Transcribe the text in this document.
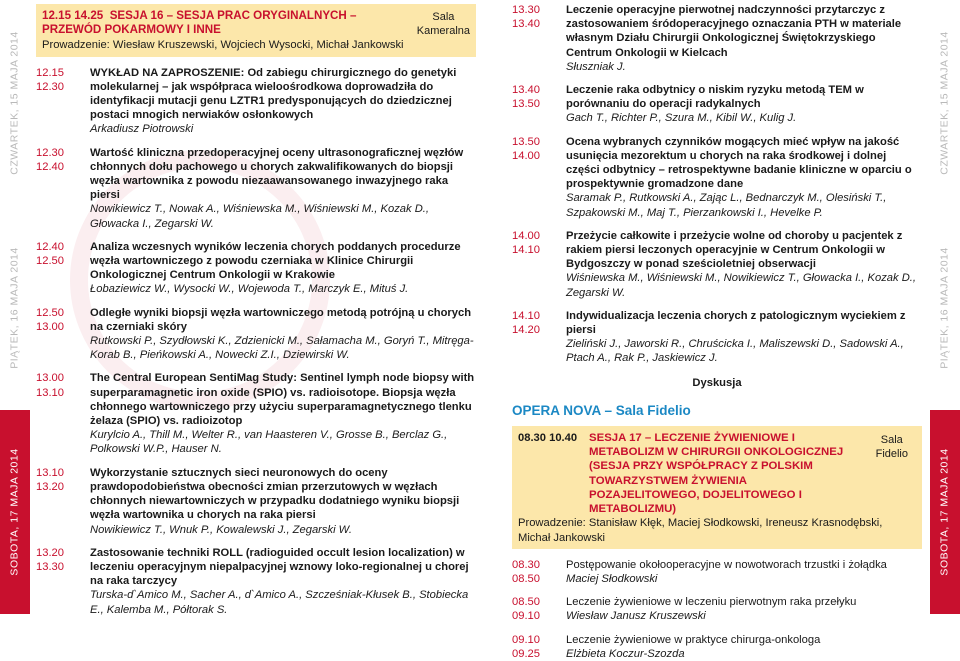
CZWARTEK, 15 MAJA 2014
PIĄTEK, 16 MAJA 2014
SOBOTA, 17 MAJA 2014
CZWARTEK, 15 MAJA 2014
PIĄTEK, 16 MAJA 2014
SOBOTA, 17 MAJA 2014
12.15 14.25 SESJA 16 – SESJA PRAC ORYGINALNYCH – PRZEWÓD POKARMOWY I INNE
Prowadzenie: Wiesław Kruszewski, Wojciech Wysocki, Michał Jankowski
Sala
Kameralna
12.15 12.30
WYKŁAD NA ZAPROSZENIE: Od zabiegu chirurgicznego do genetyki molekularnej – jak współpraca wieloośrodkowa doprowadziła do identyfikacji mutacji genu LZTR1 predysponujących do dziedzicznej postaci mnogich nerwiaków osłonkowych
Arkadiusz Piotrowski
12.30 12.40
Wartość kliniczna przedoperacyjnej oceny ultrasonograficznej węzłów chłonnych dołu pachowego u chorych zakwalifikowanych do biopsji węzła wartownika z powodu niezaawansowanego inwazyjnego raka piersi
Nowikiewicz T., Nowak A., Wiśniewska M., Wiśniewski M., Kozak D., Głowacka I., Zegarski W.
12.40 12.50
Analiza wczesnych wyników leczenia chorych poddanych procedurze węzła wartowniczego z powodu czerniaka w Klinice Chirurgii Onkologicznej Centrum Onkologii w Krakowie
Łobaziewicz W., Wysocki W., Wojewoda T., Marczyk E., Mituś J.
12.50 13.00
Odległe wyniki biopsji węzła wartowniczego metodą potrójną u chorych na czerniaki skóry
Rutkowski P., Szydłowski K., Zdzienicki M., Sałamacha M., Goryń T., Mitręga-Korab B., Pieńkowski A., Nowecki Z.I., Dziewirski W.
13.00 13.10
The Central European SentiMag Study: Sentinel lymph node biopsy with superparamagnetic iron oxide (SPIO) vs. radioisotope. Biopsja węzła chłonnego wartowniczego przy użyciu superparamagnetycznego tlenku żelaza (SPIO) vs. radioizotop
Kurylcio A., Thill M., Welter R., van Haasteren V., Grosse B., Berclaz G., Polkowski W.P., Hauser N.
13.10 13.20
Wykorzystanie sztucznych sieci neuronowych do oceny prawdopodobieństwa obecności zmian przerzutowych w węzłach chłonnych niewartowniczych w przypadku dodatniego wyniku biopsji węzła wartownika u chorych na raka piersi
Nowikiewicz T., Wnuk P., Kowalewski J., Zegarski W.
13.20 13.30
Zastosowanie techniki ROLL (radioguided occult lesion localization) w leczeniu operacyjnym niepalpacyjnej wznowy loko-regionalnej u chorej na raka tarczycy
Turska-d`Amico M., Sacher A., d`Amico A., Szcześniak-Kłusek B., Stobiecka E., Kalemba M., Półtorak S.
13.30 13.40
Leczenie operacyjne pierwotnej nadczynności przytarczyc z zastosowaniem śródoperacyjnego oznaczania PTH w materiale własnym Działu Chirurgii Onkologicznej Świętokrzyskiego Centrum Onkologii w Kielcach
Słuszniak J.
13.40 13.50
Leczenie raka odbytnicy o niskim ryzyku metodą TEM w porównaniu do operacji radykalnych
Gach T., Richter P., Szura M., Kibil W., Kulig J.
13.50 14.00
Ocena wybranych czynników mogących mieć wpływ na jakość usunięcia mezorektum u chorych na raka środkowej i dolnej części odbytnicy – retrospektywne badanie kliniczne w oparciu o prospektywnie gromadzone dane
Saramak P., Rutkowski A., Zając L., Bednarczyk M., Olesiński T., Szpakowski M., Maj T., Pierzankowski I., Hevelke P.
14.00 14.10
Przeżycie całkowite i przeżycie wolne od choroby u pacjentek z rakiem piersi leczonych operacyjnie w Centrum Onkologii w Bydgoszczy w ponad sześcioletniej obserwacji
Wiśniewska M., Wiśniewski M., Nowikiewicz T., Głowacka I., Kozak D., Zegarski W.
14.10 14.20
Indywidualizacja leczenia chorych z patologicznym wyciekiem z piersi
Zieliński J., Jaworski R., Chruścicka I., Maliszewski D., Sadowski A., Ptach A., Rak P., Jaskiewicz J.
Dyskusja
OPERA NOVA – Sala Fidelio
08.30 10.40	SESJA 17 – LECZENIE ŻYWIENIOWE I METABOLIZM W CHIRURGII ONKOLOGICZNEJ (SESJA PRZY WSPÓŁPRACY Z POLSKIM TOWARZYSTWEM ŻYWIENIA POZAJELITOWEGO, DOJELITOWEGO I METABOLIZMU)
Prowadzenie: Stanisław Kłęk, Maciej Słodkowski, Ireneusz Krasnodębski, Michał Jankowski
Sala
Fidelio
08.30 08.50
Postępowanie okołooperacyjne w nowotworach trzustki i żołądka
Maciej Słodkowski
08.50 09.10
Leczenie żywieniowe w leczeniu pierwotnym raka przełyku
Wiesław Janusz Kruszewski
09.10 09.25
Leczenie żywieniowe w praktyce chirurga-onkologa
Elżbieta Koczur-Szozda
